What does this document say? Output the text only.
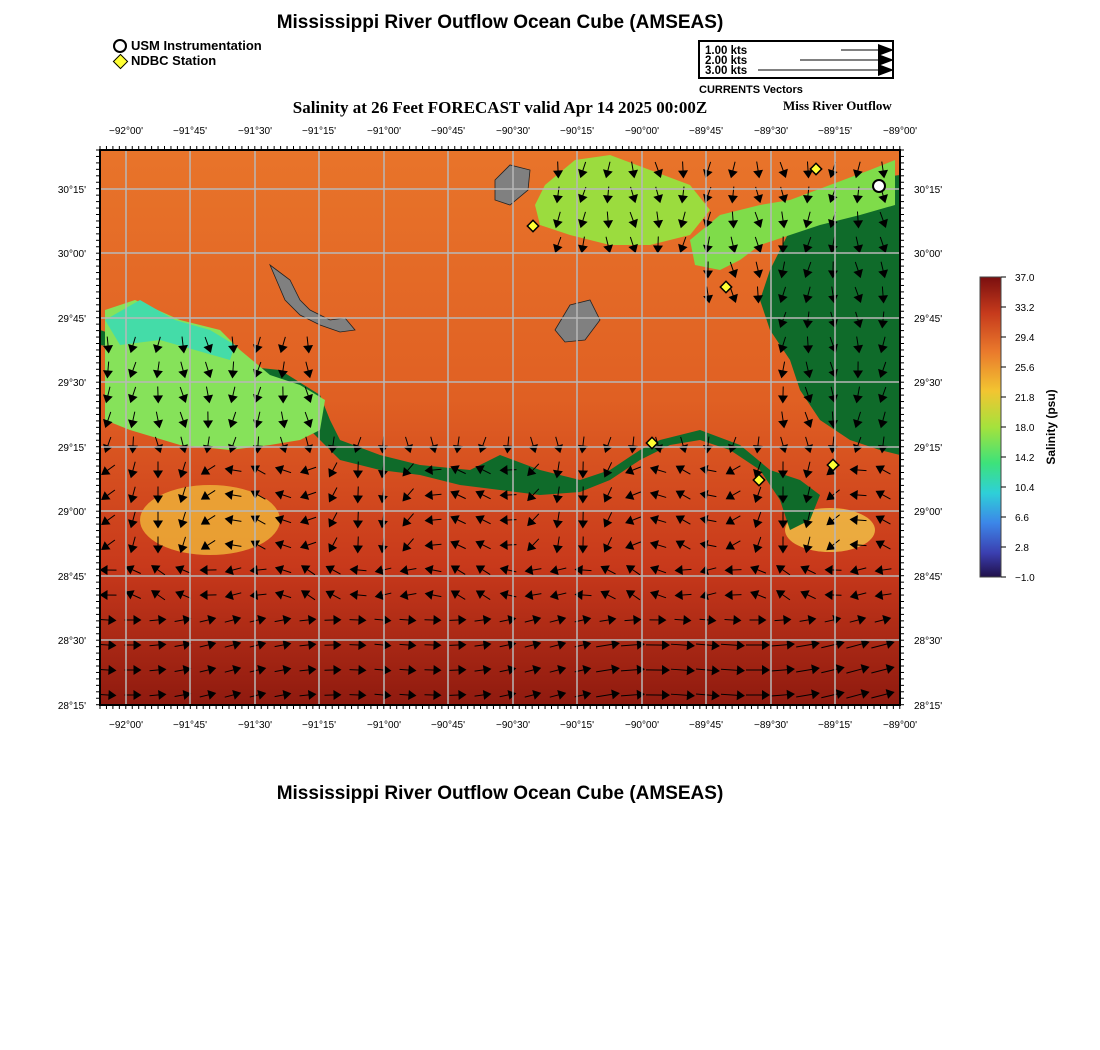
Mississippi River Outflow Ocean Cube (AMSEAS)
USM Instrumentation
NDBC Station
1.00 kts
2.00 kts
3.00 kts
CURRENTS Vectors
Salinity at 26 Feet FORECAST valid Apr 14 2025 00:00Z	Miss River Outflow
−92°00'	−91°45'	−91°30'	−91°15'	−91°00'	−90°45'	−90°30'	−90°15'	−90°00'	−89°45'	−89°30'	−89°15'	−89°00'
−92°00'	−91°45'	−91°30'	−91°15'	−91°00'	−90°45'	−90°30'	−90°15'	−90°00'	−89°45'	−89°30'	−89°15'	−89°00'
30°15'
30°00'
29°45'
29°30'
29°15'
29°00'
28°45'
28°30'
28°15'
30°15'
30°00'
29°45'
29°30'
29°15'
29°00'
28°45'
28°30'
28°15'
37.0
33.2
29.4
25.6
21.8
18.0
14.2
10.4
6.6
2.8
−1.0
Salinity (psu)
Mississippi River Outflow Ocean Cube (AMSEAS)
